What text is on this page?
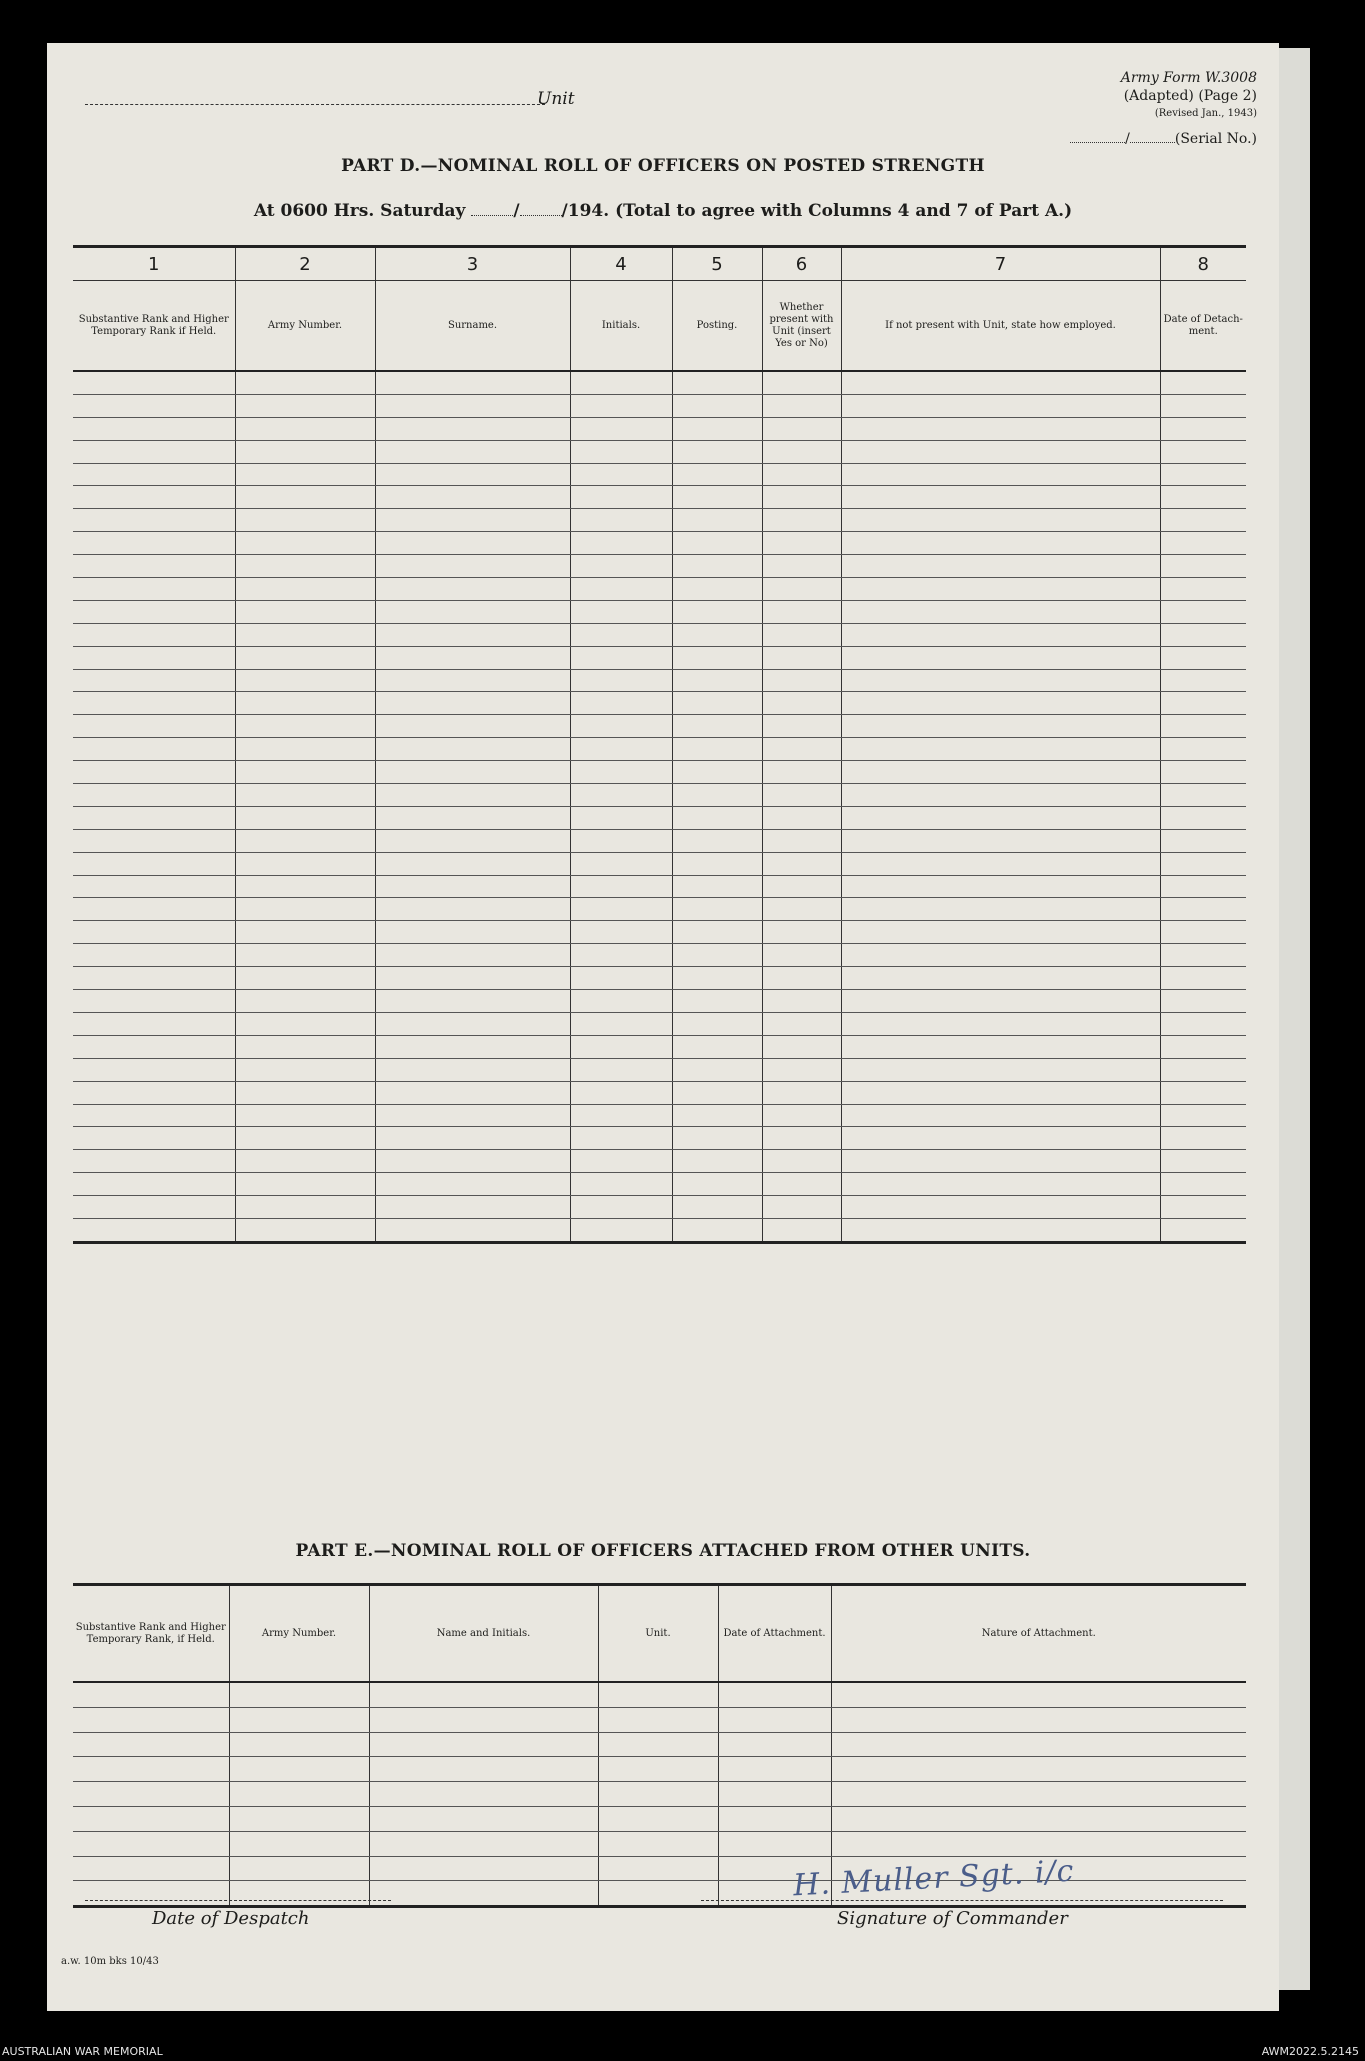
Unit
Army Form W.3008
(Adapted) (Page 2)
(Revised Jan., 1943)
/	(Serial No.)
PART D.—NOMINAL ROLL OF OFFICERS ON POSTED STRENGTH
At 0600 Hrs. Saturday	/ /194. (Total to agree with Columns 4 and 7 of Part A.)
1	2	3	4	5	6	7	8
Substantive Rank and Higher Temporary Rank if Held.	Army Number.	Surname.	Initials.	Posting.	Whether present with Unit (insert Yes or No)	If not present with Unit, state how employed.	Date of Detach-ment.

PART E.—NOMINAL ROLL OF OFFICERS ATTACHED FROM OTHER UNITS.
Substantive Rank and Higher Temporary Rank, if Held.	Army Number.	Name and Initials.	Unit.	Date of Attachment.	Nature of Attachment.

Date of Despatch
H. Muller Sgt. i/c
Signature of Commander
a.w. 10m bks 10/43
AUSTRALIAN WAR MEMORIAL	AWM2022.5.2145
